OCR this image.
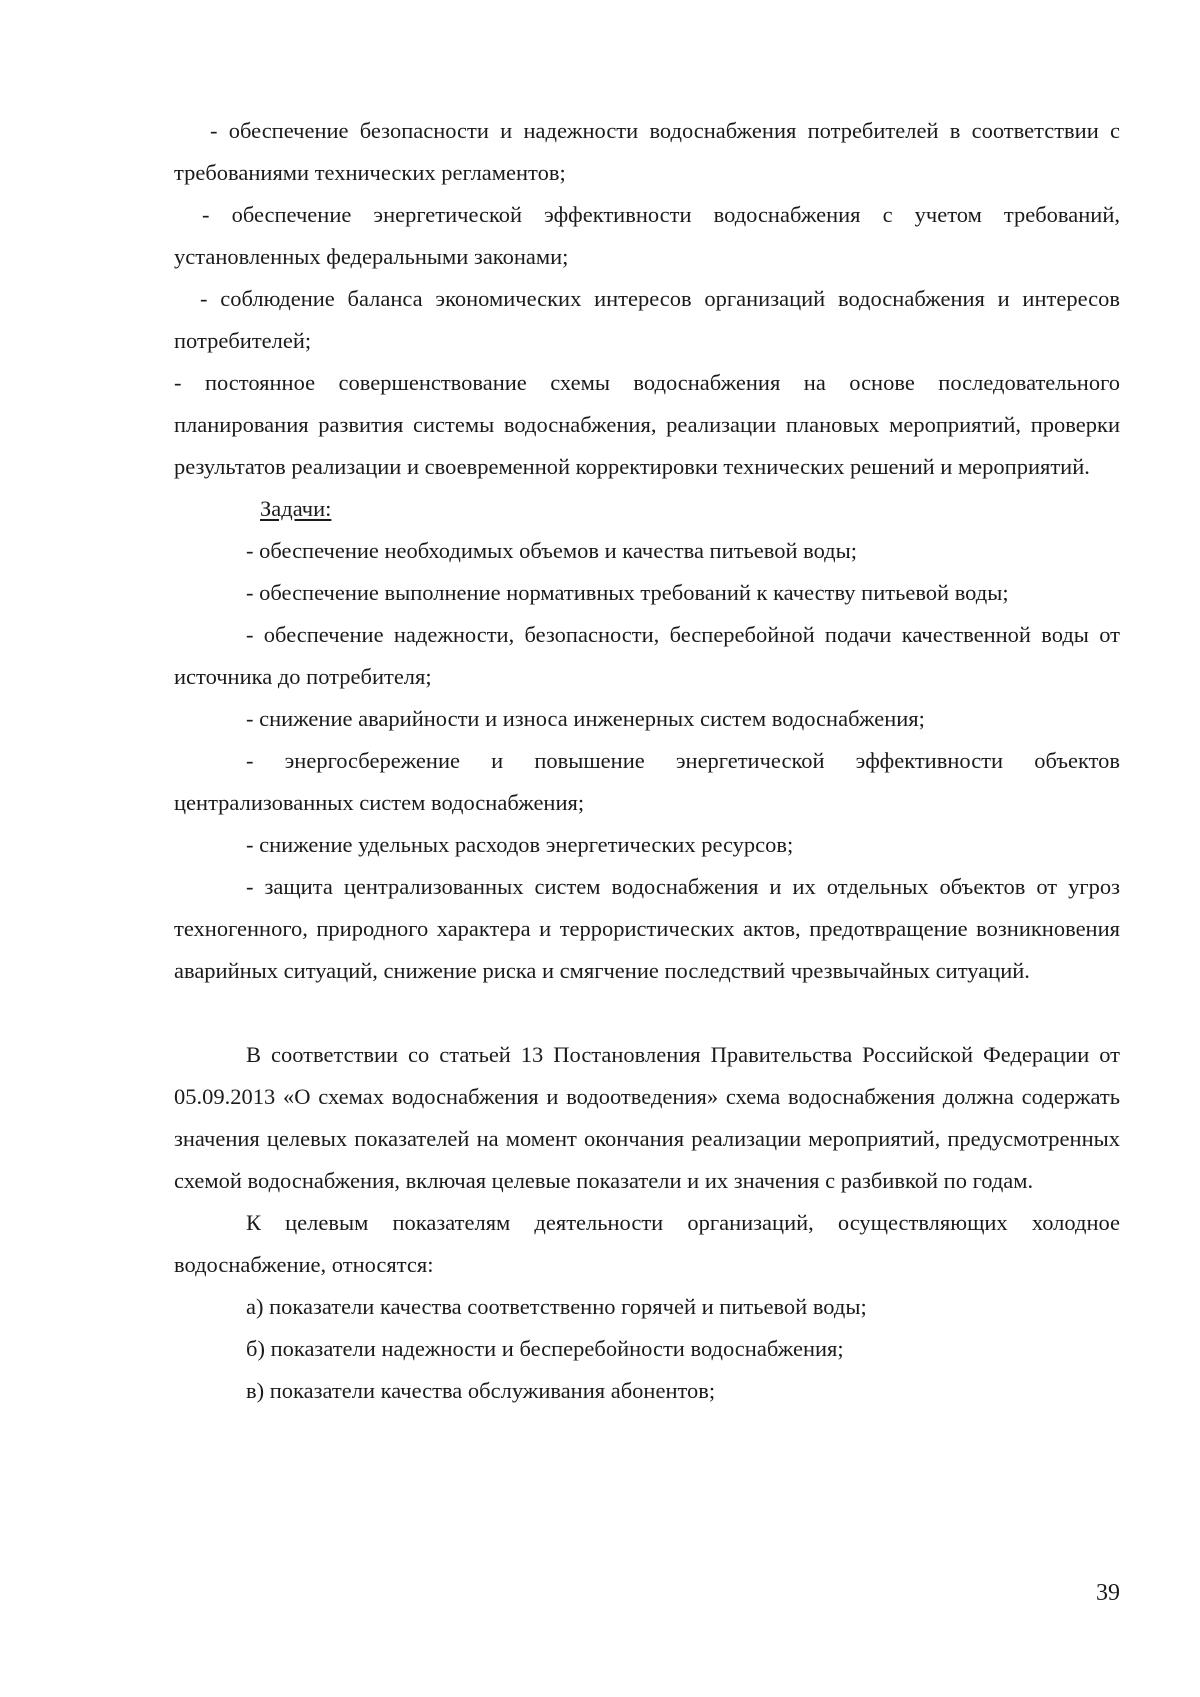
- обеспечение безопасности и надежности водоснабжения потребителей в соответствии с требованиями технических регламентов;

- обеспечение энергетической эффективности водоснабжения с учетом требований, установленных федеральными законами;

- соблюдение баланса экономических интересов организаций водоснабжения и интересов потребителей;

- постоянное совершенствование схемы водоснабжения на основе последовательного планирования развития системы водоснабжения, реализации плановых мероприятий, проверки результатов реализации и своевременной корректировки технических решений и мероприятий.

Задачи:

- обеспечение необходимых объемов и качества питьевой воды;

- обеспечение выполнение нормативных требований к качеству питьевой воды;

- обеспечение надежности, безопасности, бесперебойной подачи качественной воды от источника до потребителя;

- снижение аварийности и износа инженерных систем водоснабжения;

- энергосбережение и повышение энергетической эффективности объектов централизованных систем водоснабжения;

- снижение удельных расходов энергетических ресурсов;

- защита централизованных систем водоснабжения и их отдельных объектов от угроз техногенного, природного характера и террористических актов, предотвращение возникновения аварийных ситуаций, снижение риска и смягчение последствий чрезвычайных ситуаций.

В соответствии со статьей 13 Постановления Правительства Российской Федерации от 05.09.2013 «О схемах водоснабжения и водоотведения» схема водоснабжения должна содержать значения целевых показателей на момент окончания реализации мероприятий, предусмотренных схемой водоснабжения, включая целевые показатели и их значения с разбивкой по годам.

К целевым показателям деятельности организаций, осуществляющих холодное водоснабжение, относятся:

а) показатели качества соответственно горячей и питьевой воды;

б) показатели надежности и бесперебойности водоснабжения;

в) показатели качества обслуживания абонентов;

39
